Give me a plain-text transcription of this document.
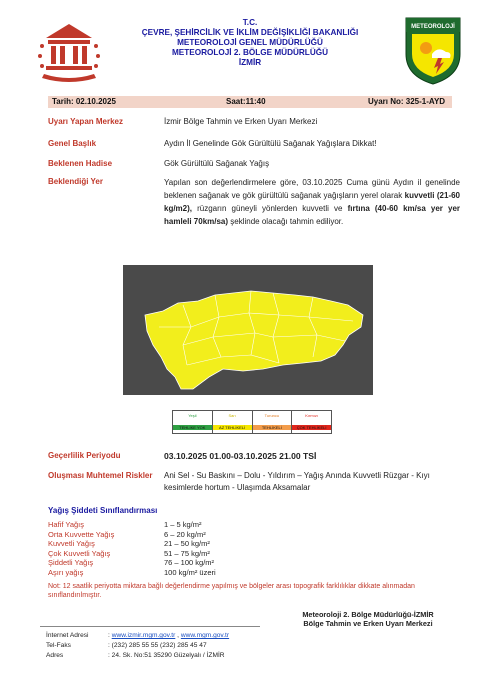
T.C.
ÇEVRE, ŞEHİRCİLİK VE İKLİM DEĞİŞİKLİĞİ BAKANLIĞI
METEOROLOJİ GENEL MÜDÜRLÜĞÜ
METEOROLOJİ 2. BÖLGE MÜDÜRLÜĞÜ
İZMİR
METEOROLOJİ
Tarih: 02.10.2025	Saat:11:40	Uyarı No: 325-1-AYD
Uyarı Yapan Merkez	İzmir Bölge Tahmin ve Erken Uyarı Merkezi
Genel Başlık	Aydın İl Genelinde Gök Gürültülü Sağanak Yağışlara Dikkat!
Beklenen Hadise	Gök Gürültülü Sağanak Yağış
Beklendiği Yer	Yapılan son değerlendirmelere göre, 03.10.2025 Cuma günü Aydın il genelinde beklenen sağanak ve gök gürültülü sağanak yağışların yerel olarak kuvvetli (21-60 kg/m2), rüzgarın güneyli yönlerden kuvvetli ve fırtına (40-60 km/sa yer yer hamleli 70km/sa) şeklinde olacağı tahmin ediliyor.
Yeşil
TEHLİKE YOK
Sarı
AZ TEHLİKELİ
Turuncu
TEHLİKELİ
Kırmızı
ÇOK TEHLİKELİ
Geçerlilik Periyodu	03.10.2025 01.00-03.10.2025 21.00 TSİ
Oluşması Muhtemel Riskler	Ani Sel - Su Baskını – Dolu - Yıldırım – Yağış Anında Kuvvetli Rüzgar - Kıyı kesimlerde hortum - Ulaşımda Aksamalar
Yağış Şiddeti Sınıflandırması
Hafif Yağış	1 – 5 kg/m²
Orta Kuvvette Yağış	6 – 20 kg/m²
Kuvvetli Yağış	21 – 50 kg/m²
Çok Kuvvetli Yağış	51 – 75 kg/m²
Şiddetli Yağış	76 – 100 kg/m²
Aşırı yağış	100 kg/m² üzeri
Not: 12 saatlik periyotta miktara bağlı değerlendirme yapılmış ve bölgeler arası topografik farklılıklar dikkate alınmadan sınıflandırılmıştır.
Meteoroloji 2. Bölge Müdürlüğü-İZMİR
Bölge Tahmin ve Erken Uyarı Merkezi
İnternet Adresi	: www.izmir.mgm.gov.tr , www.mgm.gov.tr
Tel-Faks	: (232) 285 55 55 (232) 285 45 47
Adres	: 24. Sk. No:51 35290 Güzelyalı / İZMİR
